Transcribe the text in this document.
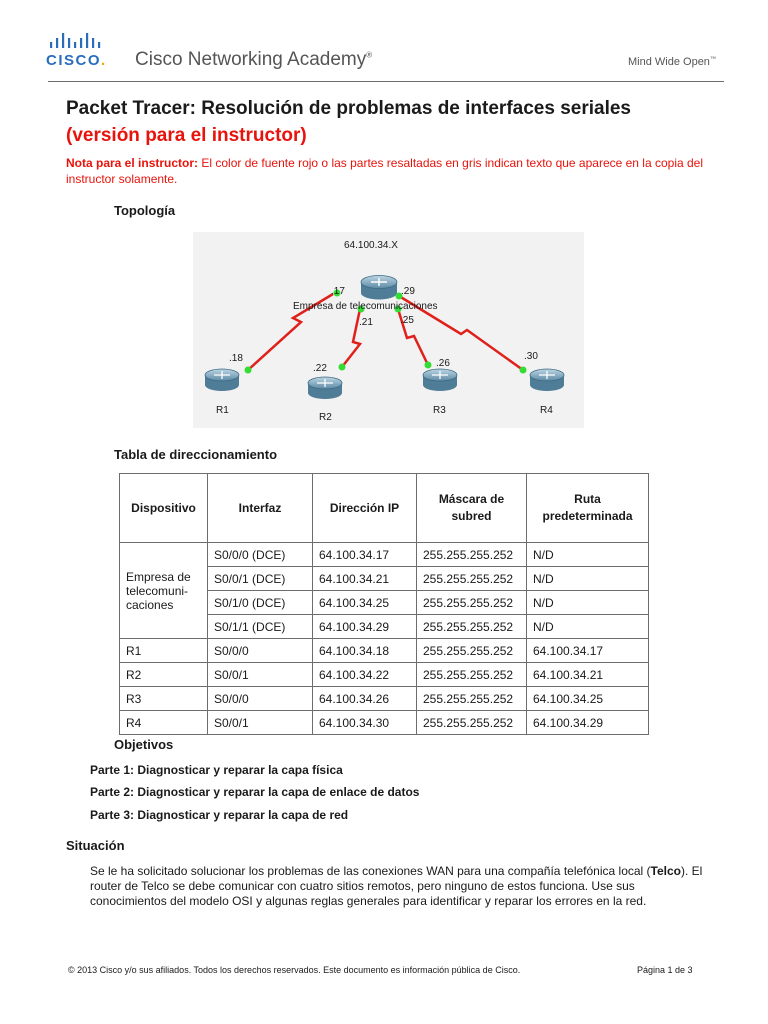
CISCO. Cisco Networking Academy®
Mind Wide Open™
Packet Tracer: Resolución de problemas de interfaces seriales
(versión para el instructor)
Nota para el instructor: El color de fuente rojo o las partes resaltadas en gris indican texto que aparece en la copia del instructor solamente.
Topología
64.100.34.X
Empresa de telecomunicaciones
.17	.29
.21	.25
.18
.22	.26
.30
R1
R2
R3	R4
Tabla de direccionamiento
Dispositivo	Interfaz	Dirección IP	Máscara de subred	Ruta predeterminada
Empresa de telecomuni-caciones	S0/0/0 (DCE)	64.100.34.17	255.255.255.252	N/D
	S0/0/1 (DCE)	64.100.34.21	255.255.255.252	N/D
	S0/1/0 (DCE)	64.100.34.25	255.255.255.252	N/D
	S0/1/1 (DCE)	64.100.34.29	255.255.255.252	N/D
R1	S0/0/0	64.100.34.18	255.255.255.252	64.100.34.17
R2	S0/0/1	64.100.34.22	255.255.255.252	64.100.34.21
R3	S0/0/0	64.100.34.26	255.255.255.252	64.100.34.25
R4	S0/0/1	64.100.34.30	255.255.255.252	64.100.34.29
Objetivos
Parte 1: Diagnosticar y reparar la capa física
Parte 2: Diagnosticar y reparar la capa de enlace de datos
Parte 3: Diagnosticar y reparar la capa de red
Situación
Se le ha solicitado solucionar los problemas de las conexiones WAN para una compañía telefónica local (Telco). El router de Telco se debe comunicar con cuatro sitios remotos, pero ninguno de estos funciona. Use sus conocimientos del modelo OSI y algunas reglas generales para identificar y reparar los errores en la red.
© 2013 Cisco y/o sus afiliados. Todos los derechos reservados. Este documento es información pública de Cisco.	Página 1 de 3
